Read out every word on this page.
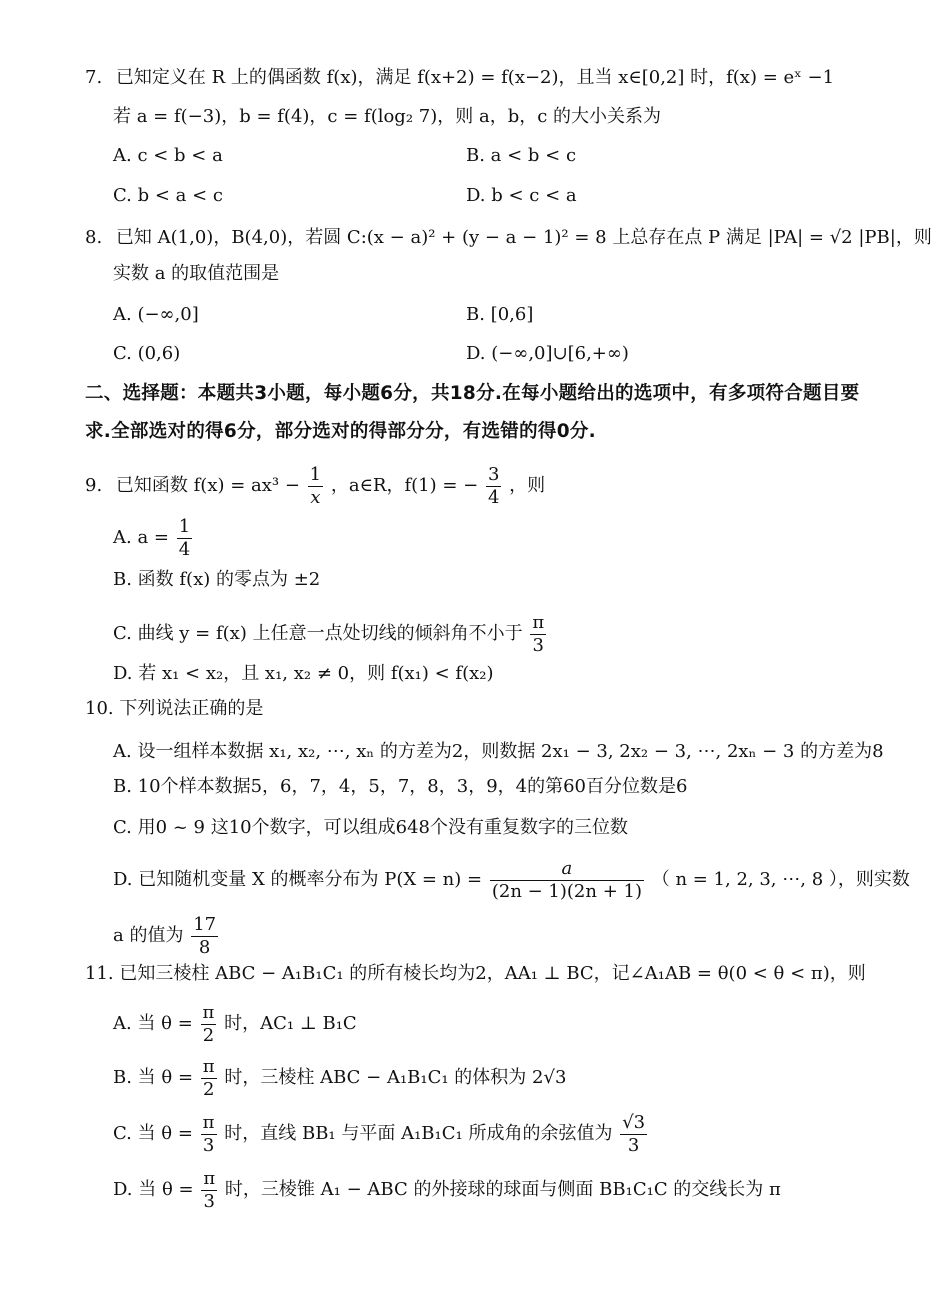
7. 已知定义在 R 上的偶函数 f(x)，满足 f(x+2) = f(x−2)，且当 x∈[0,2] 时，f(x) = eˣ −1
若 a = f(−3)，b = f(4)，c = f(log₂ 7)，则 a，b，c 的大小关系为
A. c < b < a	B. a < b < c
C. b < a < c	D. b < c < a
8. 已知 A(1,0)，B(4,0)，若圆 C:(x − a)² + (y − a − 1)² = 8 上总存在点 P 满足 |PA| = √2 |PB|，则
实数 a 的取值范围是
A. (−∞,0]	B. [0,6]
C. (0,6)	D. (−∞,0]∪[6,+∞)
二、选择题：本题共3小题，每小题6分，共18分.在每小题给出的选项中，有多项符合题目要
求.全部选对的得6分，部分选对的得部分分，有选错的得0分.
9. 已知函数 $f(x) = ax^3 - \frac{1}{x}$ ，a∈R，f(1) = − $\frac{3}{4}$ ，则
A. $a = \frac{1}{4}$
B. 函数 f(x) 的零点为 ±2
C. 曲线 y = f(x) 上任意一点处切线的倾斜角不小于 $\frac{\pi}{3}$
D. 若 x₁ < x₂，且 x₁, x₂ ≠ 0，则 f(x₁) < f(x₂)
10. 下列说法正确的是
A. 设一组样本数据 x₁, x₂, ⋯, xₙ 的方差为2，则数据 2x₁ − 3, 2x₂ − 3, ⋯, 2xₙ − 3 的方差为8
B. 10个样本数据5，6，7，4，5，7，8，3，9，4的第60百分位数是6
C. 用0 ~ 9 这10个数字，可以组成648个没有重复数字的三位数
D. 已知随机变量 X 的概率分布为 $P(X = n) = \frac{a}{(2n - 1)(2n + 1)}$ （ n = 1, 2, 3, ⋯, 8 ），则实数
a 的值为 $\frac{17}{8}$
11. 已知三棱柱 ABC − A₁B₁C₁ 的所有棱长均为2，AA₁ ⊥ BC，记∠A₁AB = θ(0 < θ < π)，则
A. 当 $\theta = \frac{\pi}{2}$ 时，AC₁ ⊥ B₁C
B. 当 $\theta = \frac{\pi}{2}$ 时，三棱柱 ABC − A₁B₁C₁ 的体积为 2√3
C. 当 $\theta = \frac{\pi}{3}$ 时，直线 BB₁ 与平面 A₁B₁C₁ 所成角的余弦值为 $\frac{√3}{3}$
D. 当 $\theta = \frac{\pi}{3}$ 时，三棱锥 A₁ − ABC 的外接球的球面与侧面 BB₁C₁C 的交线长为 π
